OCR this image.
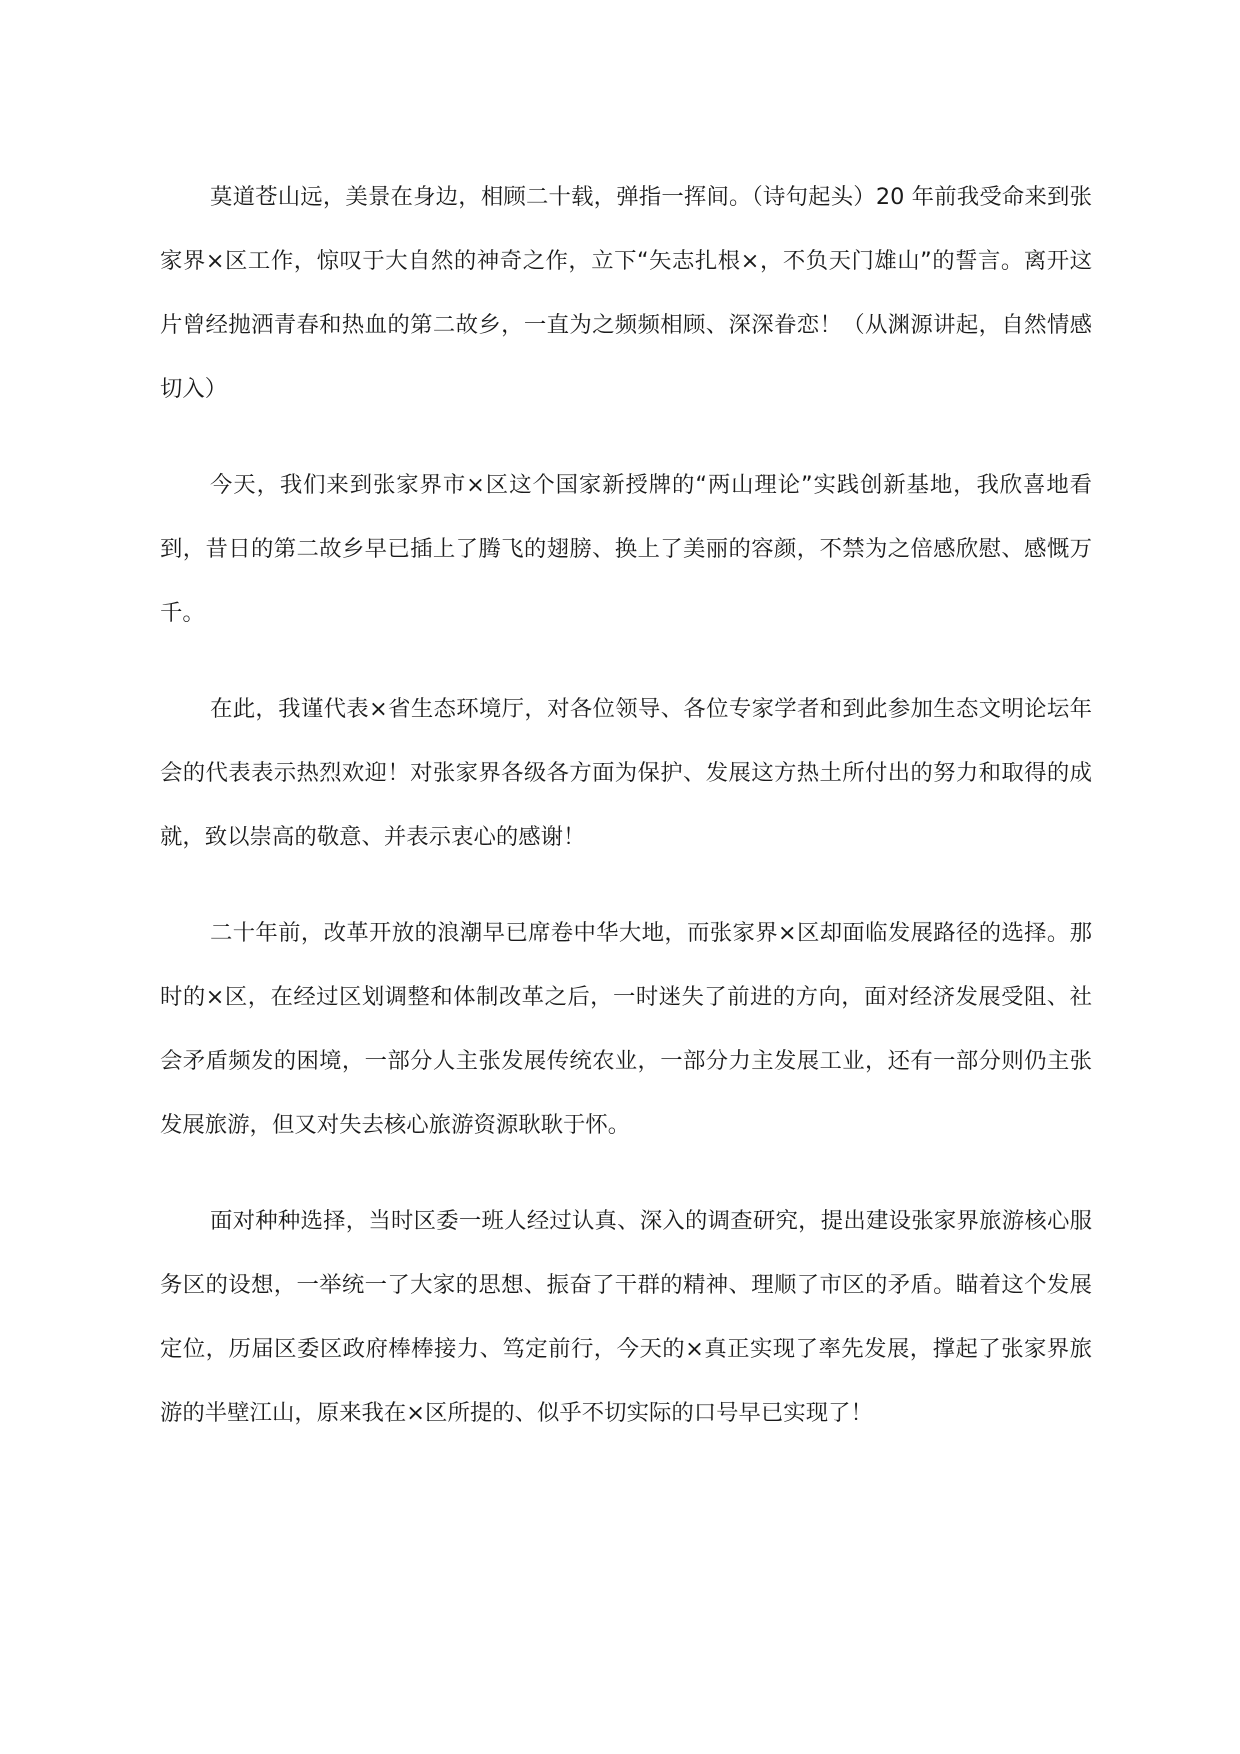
莫道苍山远，美景在身边，相顾二十载，弹指一挥间。（诗句起头）20 年前我受命来到张家界×区工作，惊叹于大自然的神奇之作，立下“矢志扎根×，不负天门雄山”的誓言。离开这片曾经抛洒青春和热血的第二故乡，一直为之频频相顾、深深眷恋！（从渊源讲起，自然情感切入）

今天，我们来到张家界市×区这个国家新授牌的“两山理论”实践创新基地，我欣喜地看到，昔日的第二故乡早已插上了腾飞的翅膀、换上了美丽的容颜，不禁为之倍感欣慰、感慨万千。

在此，我谨代表×省生态环境厅，对各位领导、各位专家学者和到此参加生态文明论坛年会的代表表示热烈欢迎！对张家界各级各方面为保护、发展这方热土所付出的努力和取得的成就，致以崇高的敬意、并表示衷心的感谢！

二十年前，改革开放的浪潮早已席卷中华大地，而张家界×区却面临发展路径的选择。那时的×区，在经过区划调整和体制改革之后，一时迷失了前进的方向，面对经济发展受阻、社会矛盾频发的困境，一部分人主张发展传统农业，一部分力主发展工业，还有一部分则仍主张发展旅游，但又对失去核心旅游资源耿耿于怀。

面对种种选择，当时区委一班人经过认真、深入的调查研究，提出建设张家界旅游核心服务区的设想，一举统一了大家的思想、振奋了干群的精神、理顺了市区的矛盾。瞄着这个发展定位，历届区委区政府棒棒接力、笃定前行，今天的×真正实现了率先发展，撑起了张家界旅游的半壁江山，原来我在×区所提的、似乎不切实际的口号早已实现了！
